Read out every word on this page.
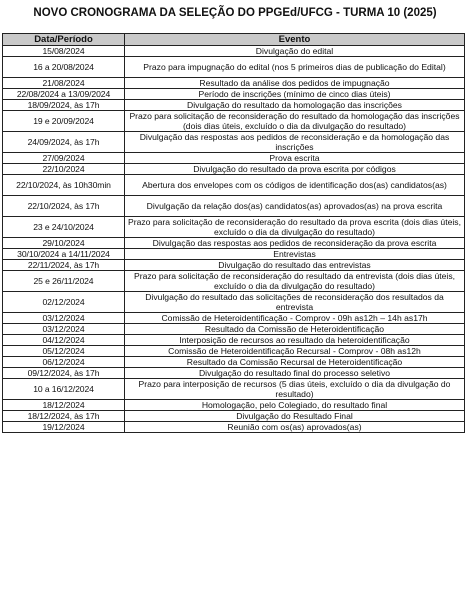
NOVO CRONOGRAMA DA SELEÇÃO DO PPGEd/UFCG - TURMA 10 (2025)
Data/Período	Evento
15/08/2024	Divulgação do edital
16 a 20/08/2024	Prazo para impugnação do edital (nos 5 primeiros dias de publicação do Edital)
21/08/2024	Resultado da análise dos pedidos de impugnação
22/08/2024 a 13/09/2024	Período de inscrições (mínimo de cinco dias úteis)
18/09/2024, às 17h	Divulgação do resultado da homologação das inscrições
19 e 20/09/2024	Prazo para solicitação de reconsideração do resultado da homologação das inscrições (dois dias úteis, excluído o dia da divulgação do resultado)
24/09/2024, às 17h	Divulgação das respostas aos pedidos de reconsideração e da homologação das inscrições
27/09/2024	Prova escrita
22/10/2024	Divulgação do resultado da prova escrita por códigos
22/10/2024, às 10h30min	Abertura dos envelopes com os códigos de identificação dos(as) candidatos(as)
22/10/2024, às 17h	Divulgação da relação dos(as) candidatos(as) aprovados(as) na prova escrita
23 e 24/10/2024	Prazo para solicitação de reconsideração do resultado da prova escrita (dois dias úteis, excluído o dia da divulgação do resultado)
29/10/2024	Divulgação das respostas aos pedidos de reconsideração da prova escrita
30/10/2024 a 14/11/2024	Entrevistas
22/11/2024, às 17h	Divulgação do resultado das entrevistas
25 e 26/11/2024	Prazo para solicitação de reconsideração do resultado da entrevista (dois dias úteis, excluído o dia da divulgação do resultado)
02/12/2024	Divulgação do resultado das solicitações de reconsideração dos resultados da entrevista
03/12/2024	Comissão de Heteroidentificação - Comprov - 09h as12h – 14h as17h
03/12/2024	Resultado da Comissão de Heteroidentificação
04/12/2024	Interposição de recursos ao resultado da heteroidentificação
05/12/2024	Comissão de Heteroidentificação Recursal - Comprov - 08h as12h
06/12/2024	Resultado da Comissão Recursal de Heteroidentificação
09/12/2024, às 17h	Divulgação do resultado final do processo seletivo
10 a 16/12/2024	Prazo para interposição de recursos (5 dias úteis, excluído o dia da divulgação do resultado)
18/12/2024	Homologação, pelo Colegiado, do resultado final
18/12/2024, às 17h	Divulgação do Resultado Final
19/12/2024	Reunião com os(as) aprovados(as)
